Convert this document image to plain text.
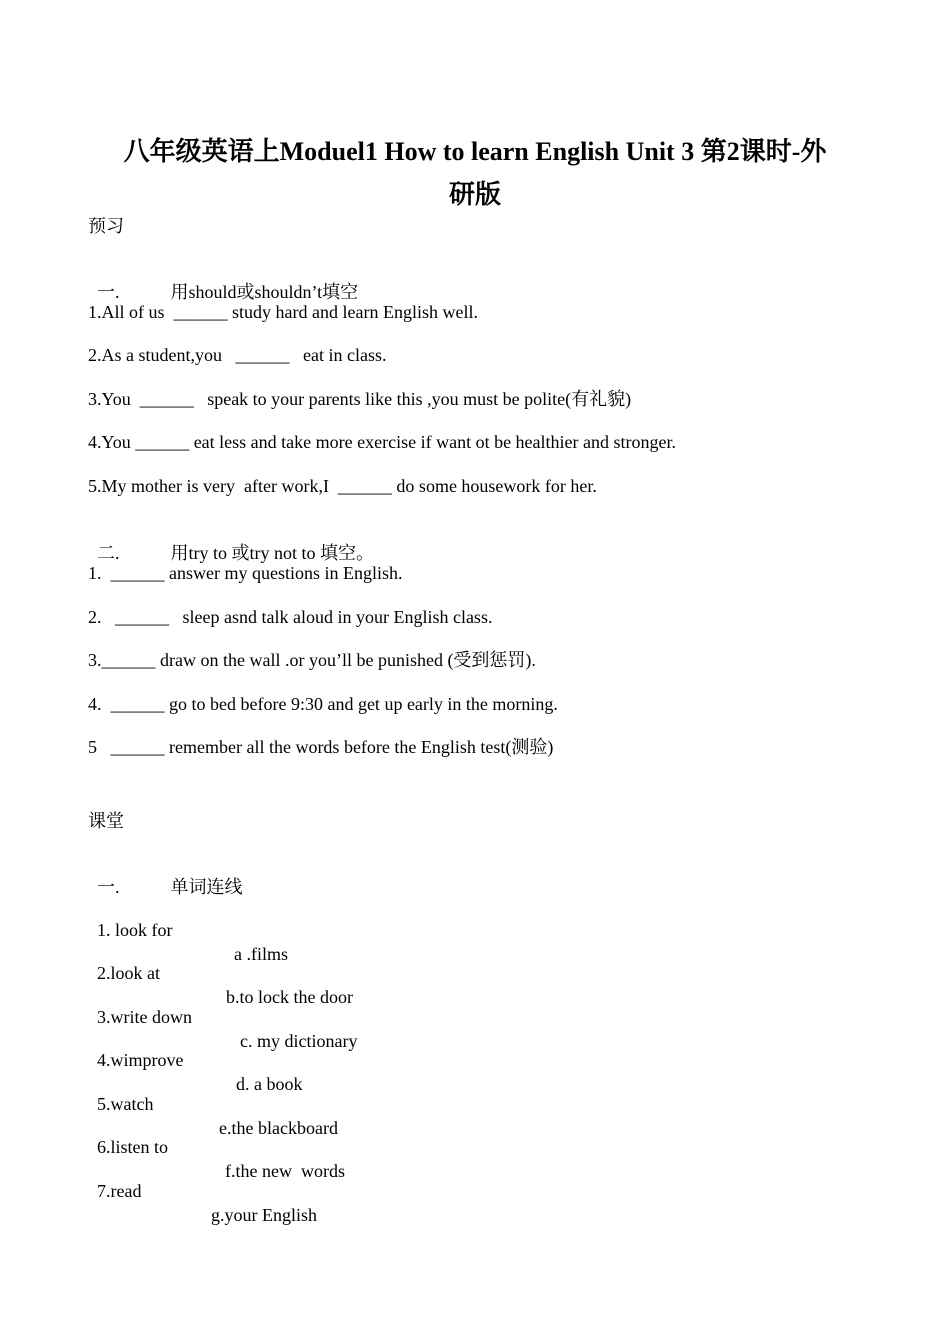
八年级英语上Moduel1 How to learn English Unit 3 第2课时-外
研版
预习

一.	用should或shouldn’t填空

1.All of us  ______ study hard and learn English well.
2.As a student,you   ______   eat in class.
3.You  ______   speak to your parents like this ,you must be polite(有礼貌)
4.You ______ eat less and take more exercise if want ot be healthier and stronger.
5.My mother is very  after work,I  ______ do some housework for her.

二.	用try to 或try not to 填空。

1.  ______ answer my questions in English.
2.   ______   sleep asnd talk aloud in your English class.
3.______ draw on the wall .or you’ll be punished (受到惩罚).
4.  ______ go to bed before 9:30 and get up early in the morning.
5   ______ remember all the words before the English test(测验)
课堂

一.	单词连线

1. look for

a .films

2.look at

b.to lock the door

3.write down

c. my dictionary

4.wimprove

d. a book

5.watch

e.the blackboard

6.listen to

f.the new  words

7.read

g.your English
